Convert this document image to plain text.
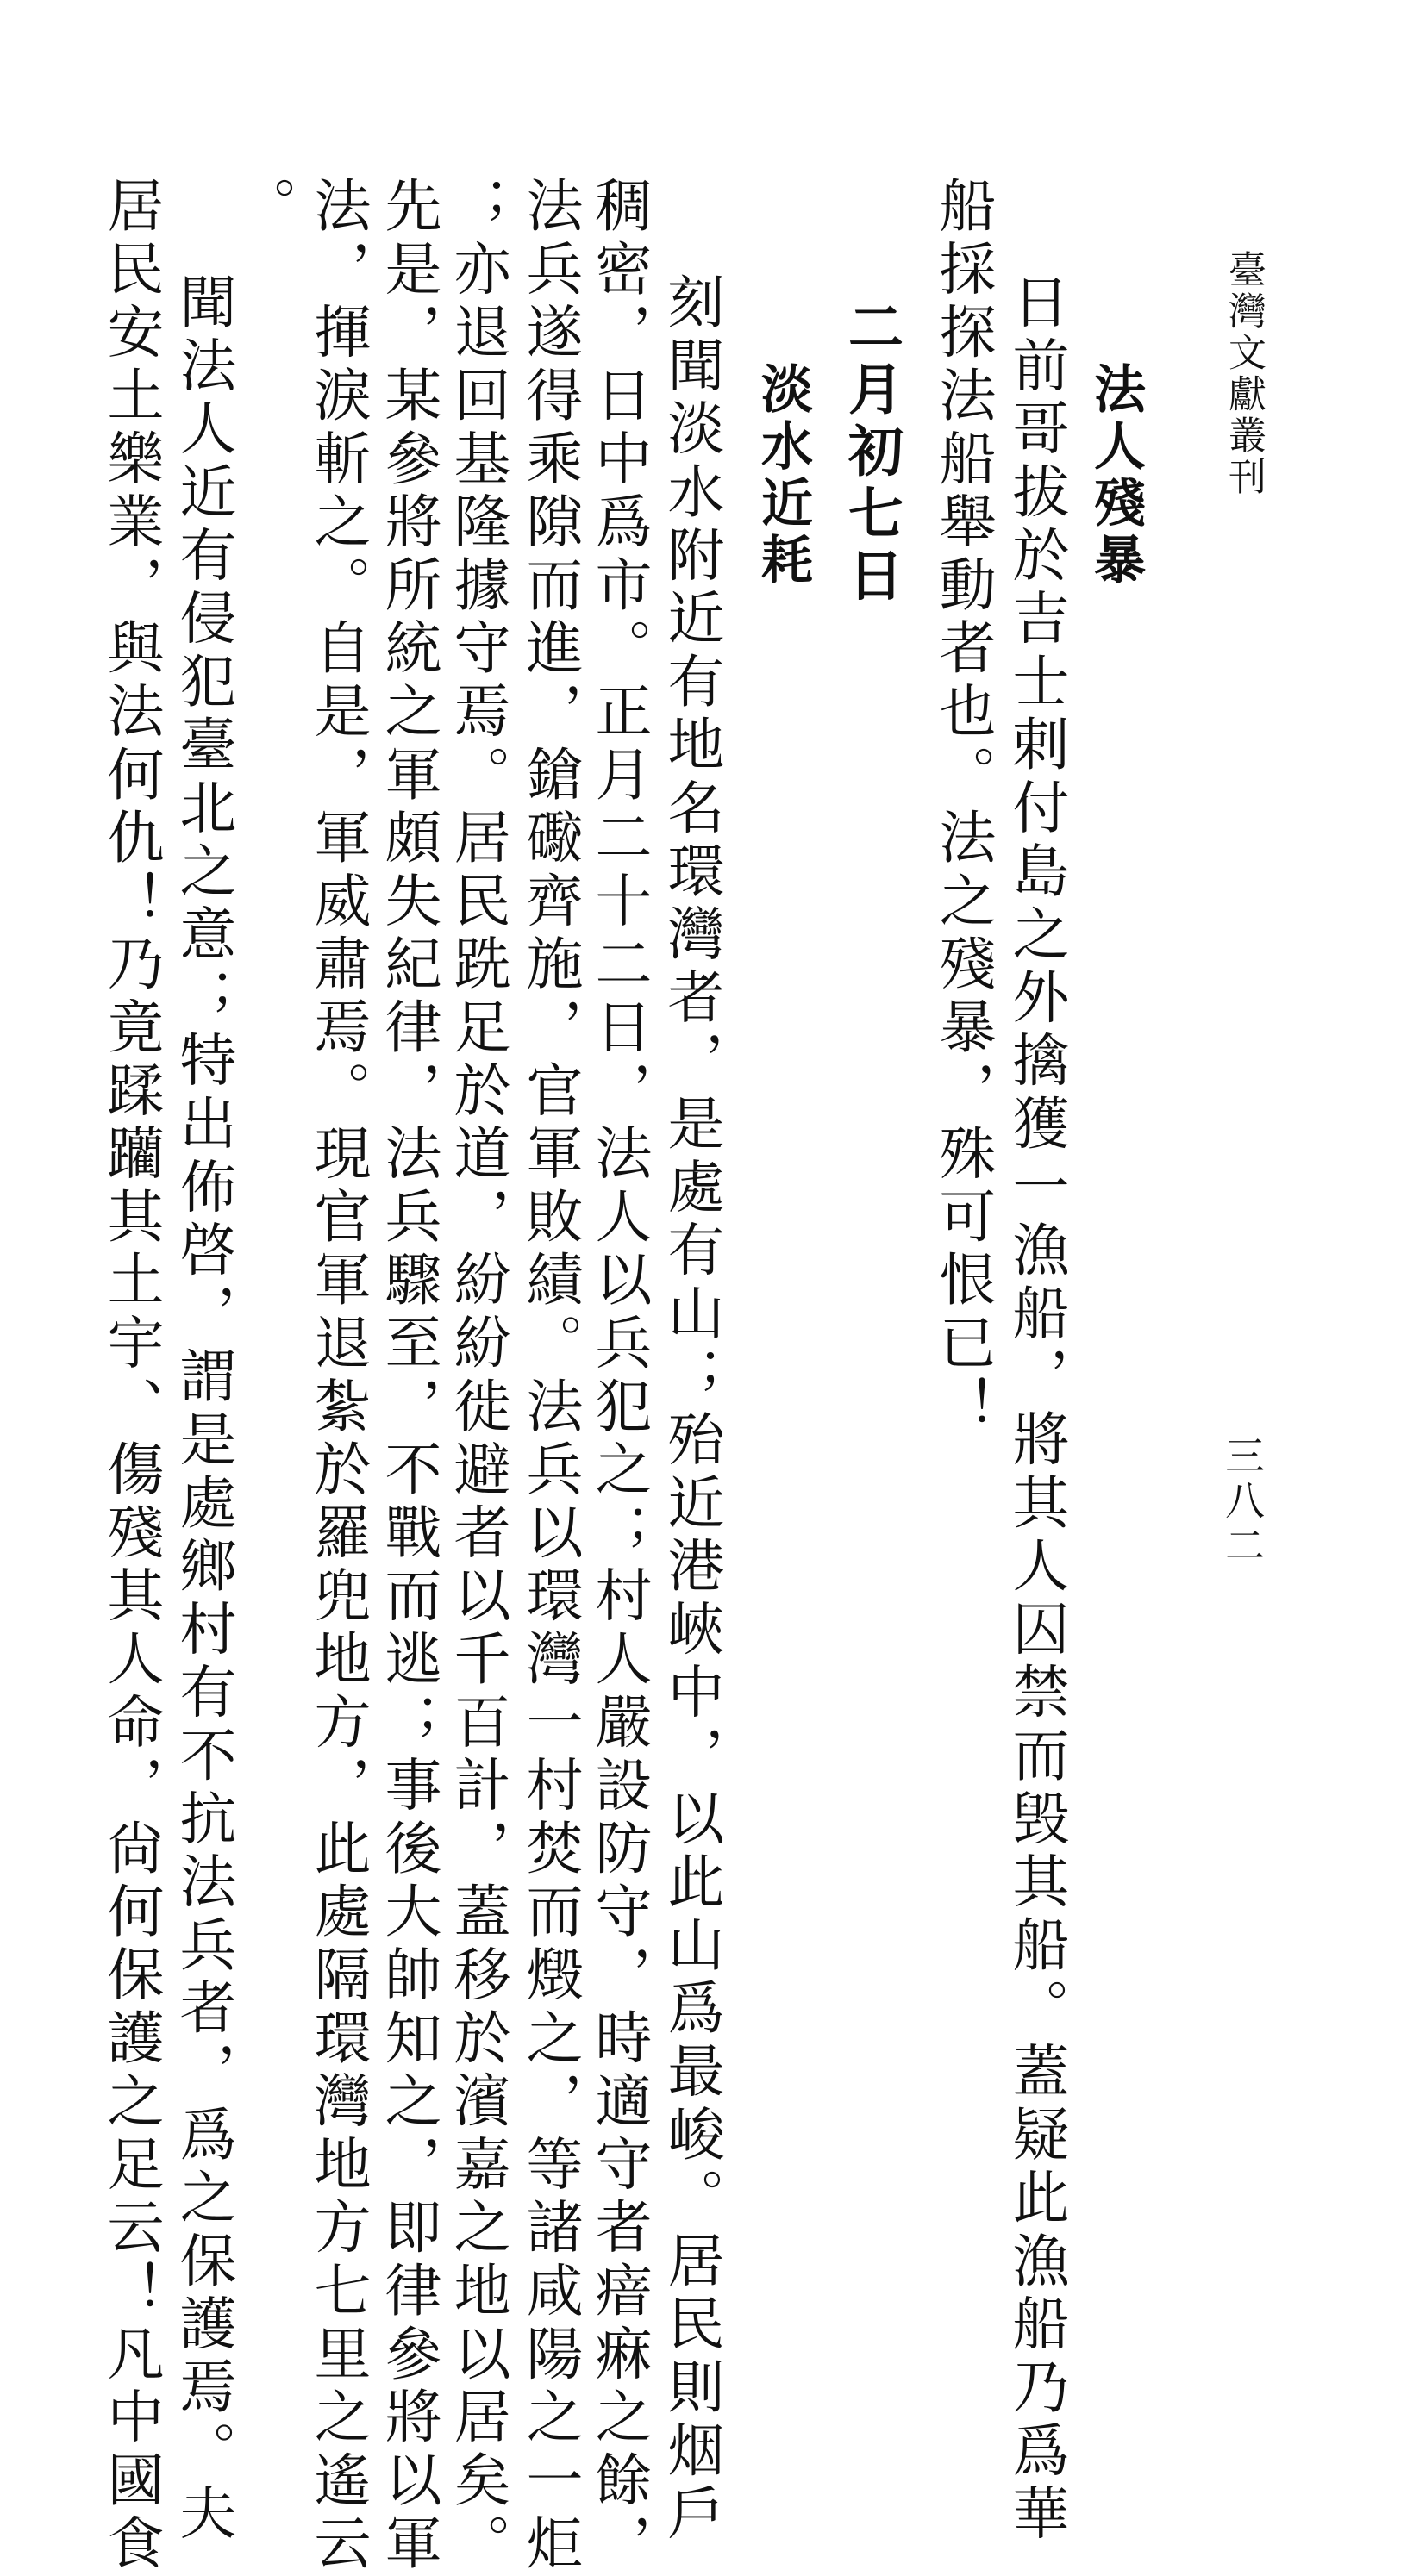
臺灣文獻叢刊
三八二
法人殘暴
日前哥拔於吉士剌付島之外擒獲一漁船，將其人囚禁而毁其船。蓋疑此漁船乃爲華
船採探法船舉動者也。法之殘暴，殊可恨已！
二月初七日
淡水近耗
刻聞淡水附近有地名環灣者，是處有山；殆近港峽中，以此山爲最峻。居民則烟戶
稠密，日中爲市。正月二十二日，法人以兵犯之；村人嚴設防守，時適守者瘖痳之餘，
法兵遂得乘隙而進，鎗礮齊施，官軍敗績。法兵以環灣一村焚而燬之，等諸咸陽之一炬
；亦退回基隆據守焉。居民跣足於道，紛紛徙避者以千百計，蓋移於濱嘉之地以居矣。
先是，某參將所統之軍頗失紀律，法兵驟至，不戰而逃；事後大帥知之，即律參將以軍
法，揮淚斬之。自是，軍威肅焉。現官軍退紮於羅兜地方，此處隔環灣地方七里之遙云
。
聞法人近有侵犯臺北之意；特出佈啓，謂是處鄉村有不抗法兵者，爲之保護焉。夫
居民安土樂業，與法何仇！乃竟蹂躪其土宇、傷殘其人命，尙何保護之足云！凡中國食
